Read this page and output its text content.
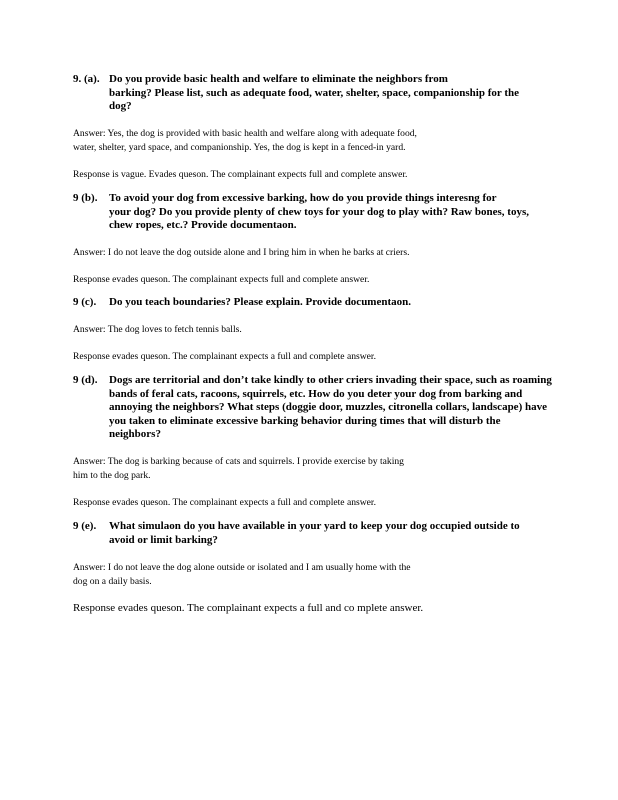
9. (a). Do you provide basic health and welfare to eliminate the neighbors from
barking? Please list, such as adequate food, water, shelter, space, companionship for the
dog?
Answer: Yes, the dog is provided with basic health and welfare along with adequate food,
water, shelter, yard space, and companionship. Yes, the dog is kept in a fenced-in yard.
Response is vague. Evades queson. The complainant expects full and complete answer.
9 (b). To avoid your dog from excessive barking, how do you provide things interesng for
your dog? Do you provide plenty of chew toys for your dog to play with? Raw bones, toys,
chew ropes, etc.? Provide documentaon.
Answer: I do not leave the dog outside alone and I bring him in when he barks at criers.
Response evades queson. The complainant expects full and complete answer.
9 (c). Do you teach boundaries? Please explain. Provide documentaon.
Answer: The dog loves to fetch tennis balls.
Response evades queson. The complainant expects a full and complete answer.
9 (d). Dogs are territorial and don’t take kindly to other criers invading their space, such as roaming
bands of feral cats, racoons, squirrels, etc. How do you deter your dog from barking and
annoying the neighbors? What steps (doggie door, muzzles, citronella collars, landscape) have
you taken to eliminate excessive barking behavior during times that will disturb the
neighbors?
Answer: The dog is barking because of cats and squirrels. I provide exercise by taking
him to the dog park.
Response evades queson. The complainant expects a full and complete answer.
9 (e). What simulaon do you have available in your yard to keep your dog occupied outside to
avoid or limit barking?
Answer: I do not leave the dog alone outside or isolated and I am usually home with the
dog on a daily basis.
Response evades queson. The complainant expects a full and co mplete answer.
